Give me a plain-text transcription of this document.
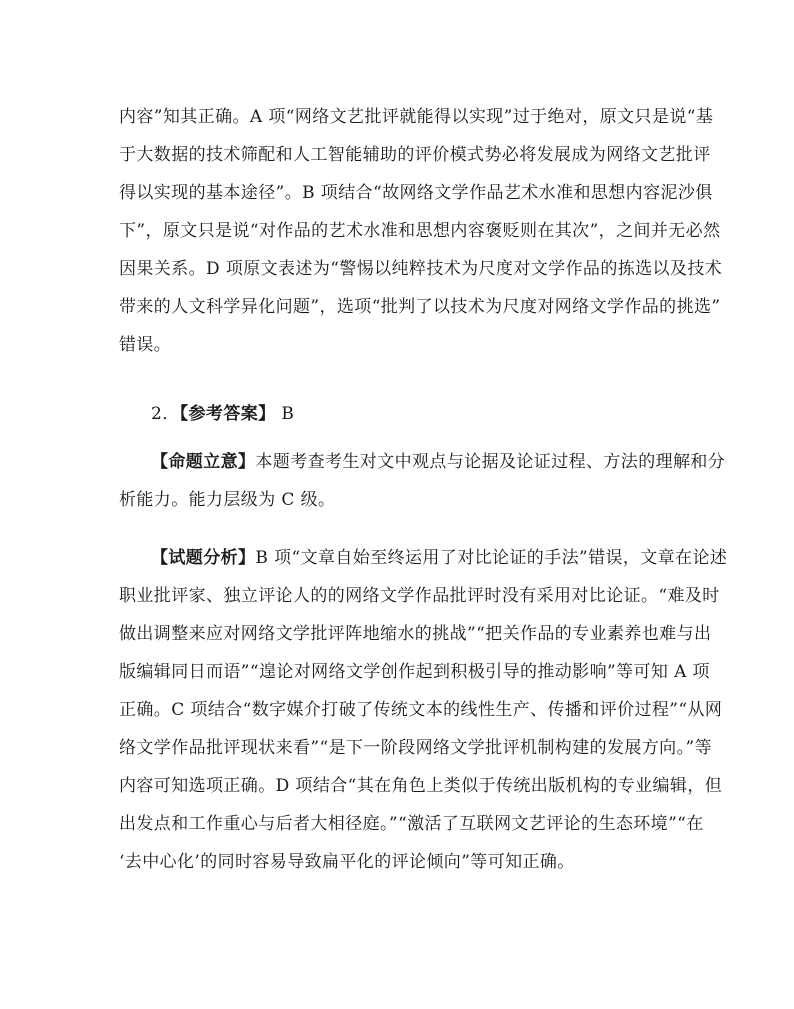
内容”知其正确。A 项“网络文艺批评就能得以实现”过于绝对，原文只是说“基
于大数据的技术筛配和人工智能辅助的评价模式势必将发展成为网络文艺批评
得以实现的基本途径”。B 项结合“故网络文学作品艺术水准和思想内容泥沙俱
下”，原文只是说“对作品的艺术水准和思想内容褒贬则在其次”，之间并无必然
因果关系。D 项原文表述为“警惕以纯粹技术为尺度对文学作品的拣选以及技术
带来的人文科学异化问题”，选项“批判了以技术为尺度对网络文学作品的挑选”
错误。
2．【参考答案】 B
【命题立意】本题考查考生对文中观点与论据及论证过程、方法的理解和分
析能力。能力层级为 C 级。
【试题分析】B 项“文章自始至终运用了对比论证的手法”错误，文章在论述
职业批评家、独立评论人的的网络文学作品批评时没有采用对比论证。“难及时
做出调整来应对网络文学批评阵地缩水的挑战”“把关作品的专业素养也难与出
版编辑同日而语”“遑论对网络文学创作起到积极引导的推动影响”等可知 A 项
正确。C 项结合“数字媒介打破了传统文本的线性生产、传播和评价过程”“从网
络文学作品批评现状来看”“是下一阶段网络文学批评机制构建的发展方向。”等
内容可知选项正确。D 项结合“其在角色上类似于传统出版机构的专业编辑，但
出发点和工作重心与后者大相径庭。”“激活了互联网文艺评论的生态环境”“在
‘去中心化’的同时容易导致扁平化的评论倾向”等可知正确。
